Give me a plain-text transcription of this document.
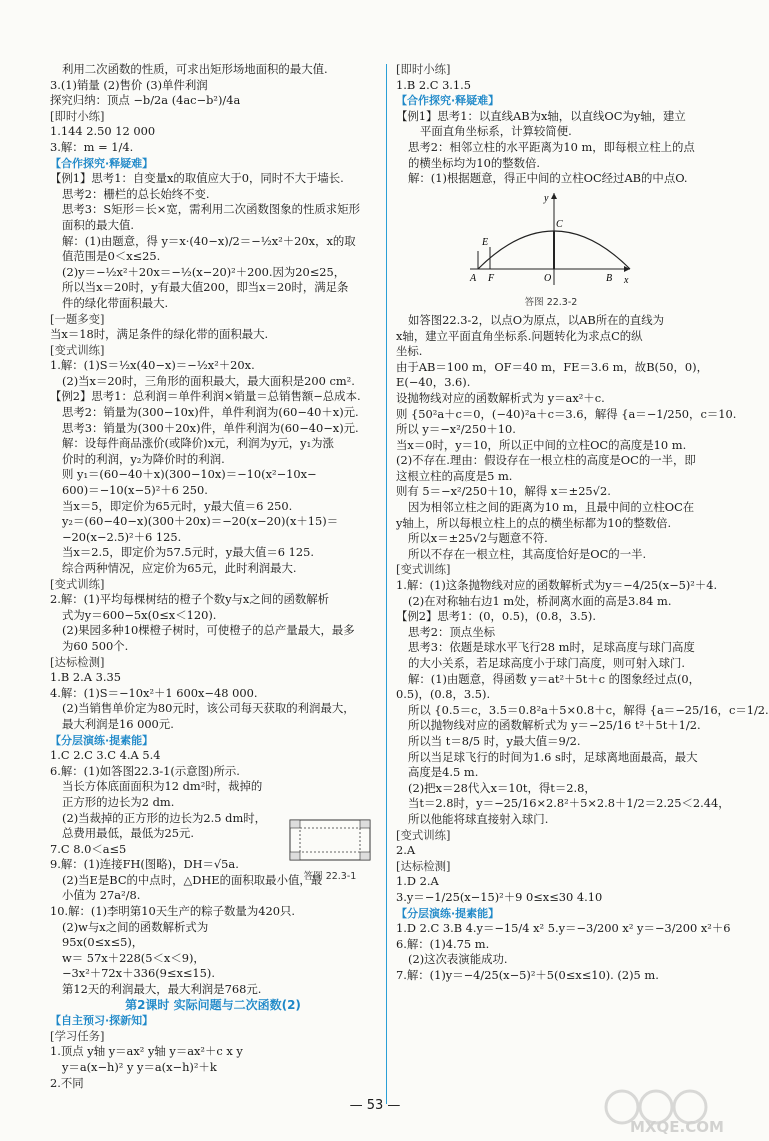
利用二次函数的性质，可求出矩形场地面积的最大值.
3.(1)销量 (2)售价 (3)单件利润
探究归纳：顶点 −b/2a (4ac−b²)/4a
[即时小练]
1.144 2.50 12 000
3.解：m = 1/4.
【合作探究·释疑难】
【例1】思考1：自变量x的取值应大于0，同时不大于墙长.
思考2：栅栏的总长始终不变.
思考3：S矩形＝长×宽，需利用二次函数图象的性质求矩形
面积的最大值.
解：(1)由题意，得 y＝x·(40−x)/2＝−½x²＋20x，x的取
值范围是0＜x≤25.
(2)y＝−½x²＋20x＝−½(x−20)²＋200.因为20≤25，
所以当x＝20时，y有最大值200，即当x＝20时，满足条
件的绿化带面积最大.
[一题多变]
当x＝18时，满足条件的绿化带的面积最大.
[变式训练]
1.解：(1)S＝½x(40−x)＝−½x²＋20x.
(2)当x＝20时，三角形的面积最大，最大面积是200 cm².
【例2】思考1：总利润＝单件利润×销量＝总销售额−总成本.
思考2：销量为(300−10x)件，单件利润为(60−40＋x)元.
思考3：销量为(300＋20x)件，单件利润为(60−40−x)元.
解：设每件商品涨价(或降价)x元，利润为y元，y₁为涨
价时的利润，y₂为降价时的利润.
则 y₁＝(60−40＋x)(300−10x)＝−10(x²−10x−
600)＝−10(x−5)²＋6 250.
当x＝5，即定价为65元时，y最大值＝6 250.
y₂＝(60−40−x)(300＋20x)＝−20(x−20)(x＋15)＝
−20(x−2.5)²＋6 125.
当x＝2.5，即定价为57.5元时，y最大值＝6 125.
综合两种情况，应定价为65元，此时利润最大.
[变式训练]
2.解：(1)平均每棵树结的橙子个数y与x之间的函数解析
式为y＝600−5x(0≤x＜120).
(2)果园多种10棵橙子树时，可使橙子的总产量最大，最多
为60 500个.
[达标检测]
1.B 2.A 3.35
4.解：(1)S＝−10x²＋1 600x−48 000.
(2)当销售单价定为80元时，该公司每天获取的利润最大，
最大利润是16 000元.
【分层演练·提素能】
1.C 2.C 3.C 4.A 5.4
6.解：(1)如答图22.3-1(示意图)所示.
当长方体底面面积为12 dm²时，裁掉的
正方形的边长为2 dm.
(2)当裁掉的正方形的边长为2.5 dm时，
总费用最低，最低为25元.
7.C 8.0＜a≤5
9.解：(1)连接FH(图略)，DH＝√5a.
(2)当E是BC的中点时，△DHE的面积取最小值，最
小值为 27a²/8.
10.解：(1)李明第10天生产的粽子数量为420只.
(2)w与x之间的函数解析式为
95x(0≤x≤5)，
w＝ 57x＋228(5＜x＜9)，
−3x²＋72x＋336(9≤x≤15).
第12天的利润最大，最大利润是768元.
第2课时 实际问题与二次函数(2)
【自主预习·探新知】
[学习任务]
1.顶点 y轴 y＝ax² y轴 y＝ax²＋c x y
y＝a(x−h)² y y＝a(x−h)²＋k
2.不同
答图 22.3-1
[即时小练]
1.B 2.C 3.1.5
【合作探究·释疑难】
【例1】思考1：以直线AB为x轴，以直线OC为y轴，建立
平面直角坐标系，计算较简便.
思考2：相邻立柱的水平距离为10 m，即每根立柱上的点
的横坐标均为10的整数倍.
解：(1)根据题意，得正中间的立柱OC经过AB的中点O.
y
x
C
E
A F	O	B
答图 22.3-2
如答图22.3-2，以点O为原点，以AB所在的直线为
x轴，建立平面直角坐标系.问题转化为求点C的纵
坐标.
由于AB＝100 m，OF＝40 m，FE＝3.6 m，故B(50，0)，
E(−40，3.6).
设抛物线对应的函数解析式为 y＝ax²＋c.
则 {50²a＋c＝0，(−40)²a＋c＝3.6，解得 {a＝−1/250，c＝10.
所以 y＝−x²/250＋10.
当x＝0时，y＝10，所以正中间的立柱OC的高度是10 m.
(2)不存在.理由：假设存在一根立柱的高度是OC的一半，即
这根立柱的高度是5 m.
则有 5＝−x²/250＋10，解得 x＝±25√2.
因为相邻立柱之间的距离为10 m，且最中间的立柱OC在
y轴上，所以每根立柱上的点的横坐标都为10的整数倍.
所以x＝±25√2与题意不符.
所以不存在一根立柱，其高度恰好是OC的一半.
[变式训练]
1.解：(1)这条抛物线对应的函数解析式为y＝−4/25(x−5)²＋4.
(2)在对称轴右边1 m处，桥洞离水面的高是3.84 m.
【例2】思考1：(0，0.5)，(0.8，3.5).
思考2：顶点坐标
思考3：依题是球水平飞行28 m时，足球高度与球门高度
的大小关系，若足球高度小于球门高度，则可射入球门.
解：(1)由题意，得函数 y＝at²＋5t＋c 的图象经过点(0，
0.5)，(0.8，3.5).
所以 {0.5＝c，3.5＝0.8²a＋5×0.8＋c，解得 {a＝−25/16，c＝1/2.
所以抛物线对应的函数解析式为 y＝−25/16 t²＋5t＋1/2.
所以当 t＝8/5 时，y最大值＝9/2.
所以当足球飞行的时间为1.6 s时，足球离地面最高，最大
高度是4.5 m.
(2)把x＝28代入x＝10t，得t＝2.8，
当t＝2.8时，y＝−25/16×2.8²＋5×2.8＋1/2＝2.25＜2.44，
所以他能将球直接射入球门.
[变式训练]
2.A
[达标检测]
1.D 2.A
3.y＝−1/25(x−15)²＋9 0≤x≤30 4.10
【分层演练·提素能】
1.D 2.C 3.B 4.y＝−15/4 x² 5.y＝−3/200 x² y＝−3/200 x²＋6
6.解：(1)4.75 m.
(2)这次表演能成功.
7.解：(1)y＝−4/25(x−5)²＋5(0≤x≤10). (2)5 m.
— 53 —
MXQE.COM
